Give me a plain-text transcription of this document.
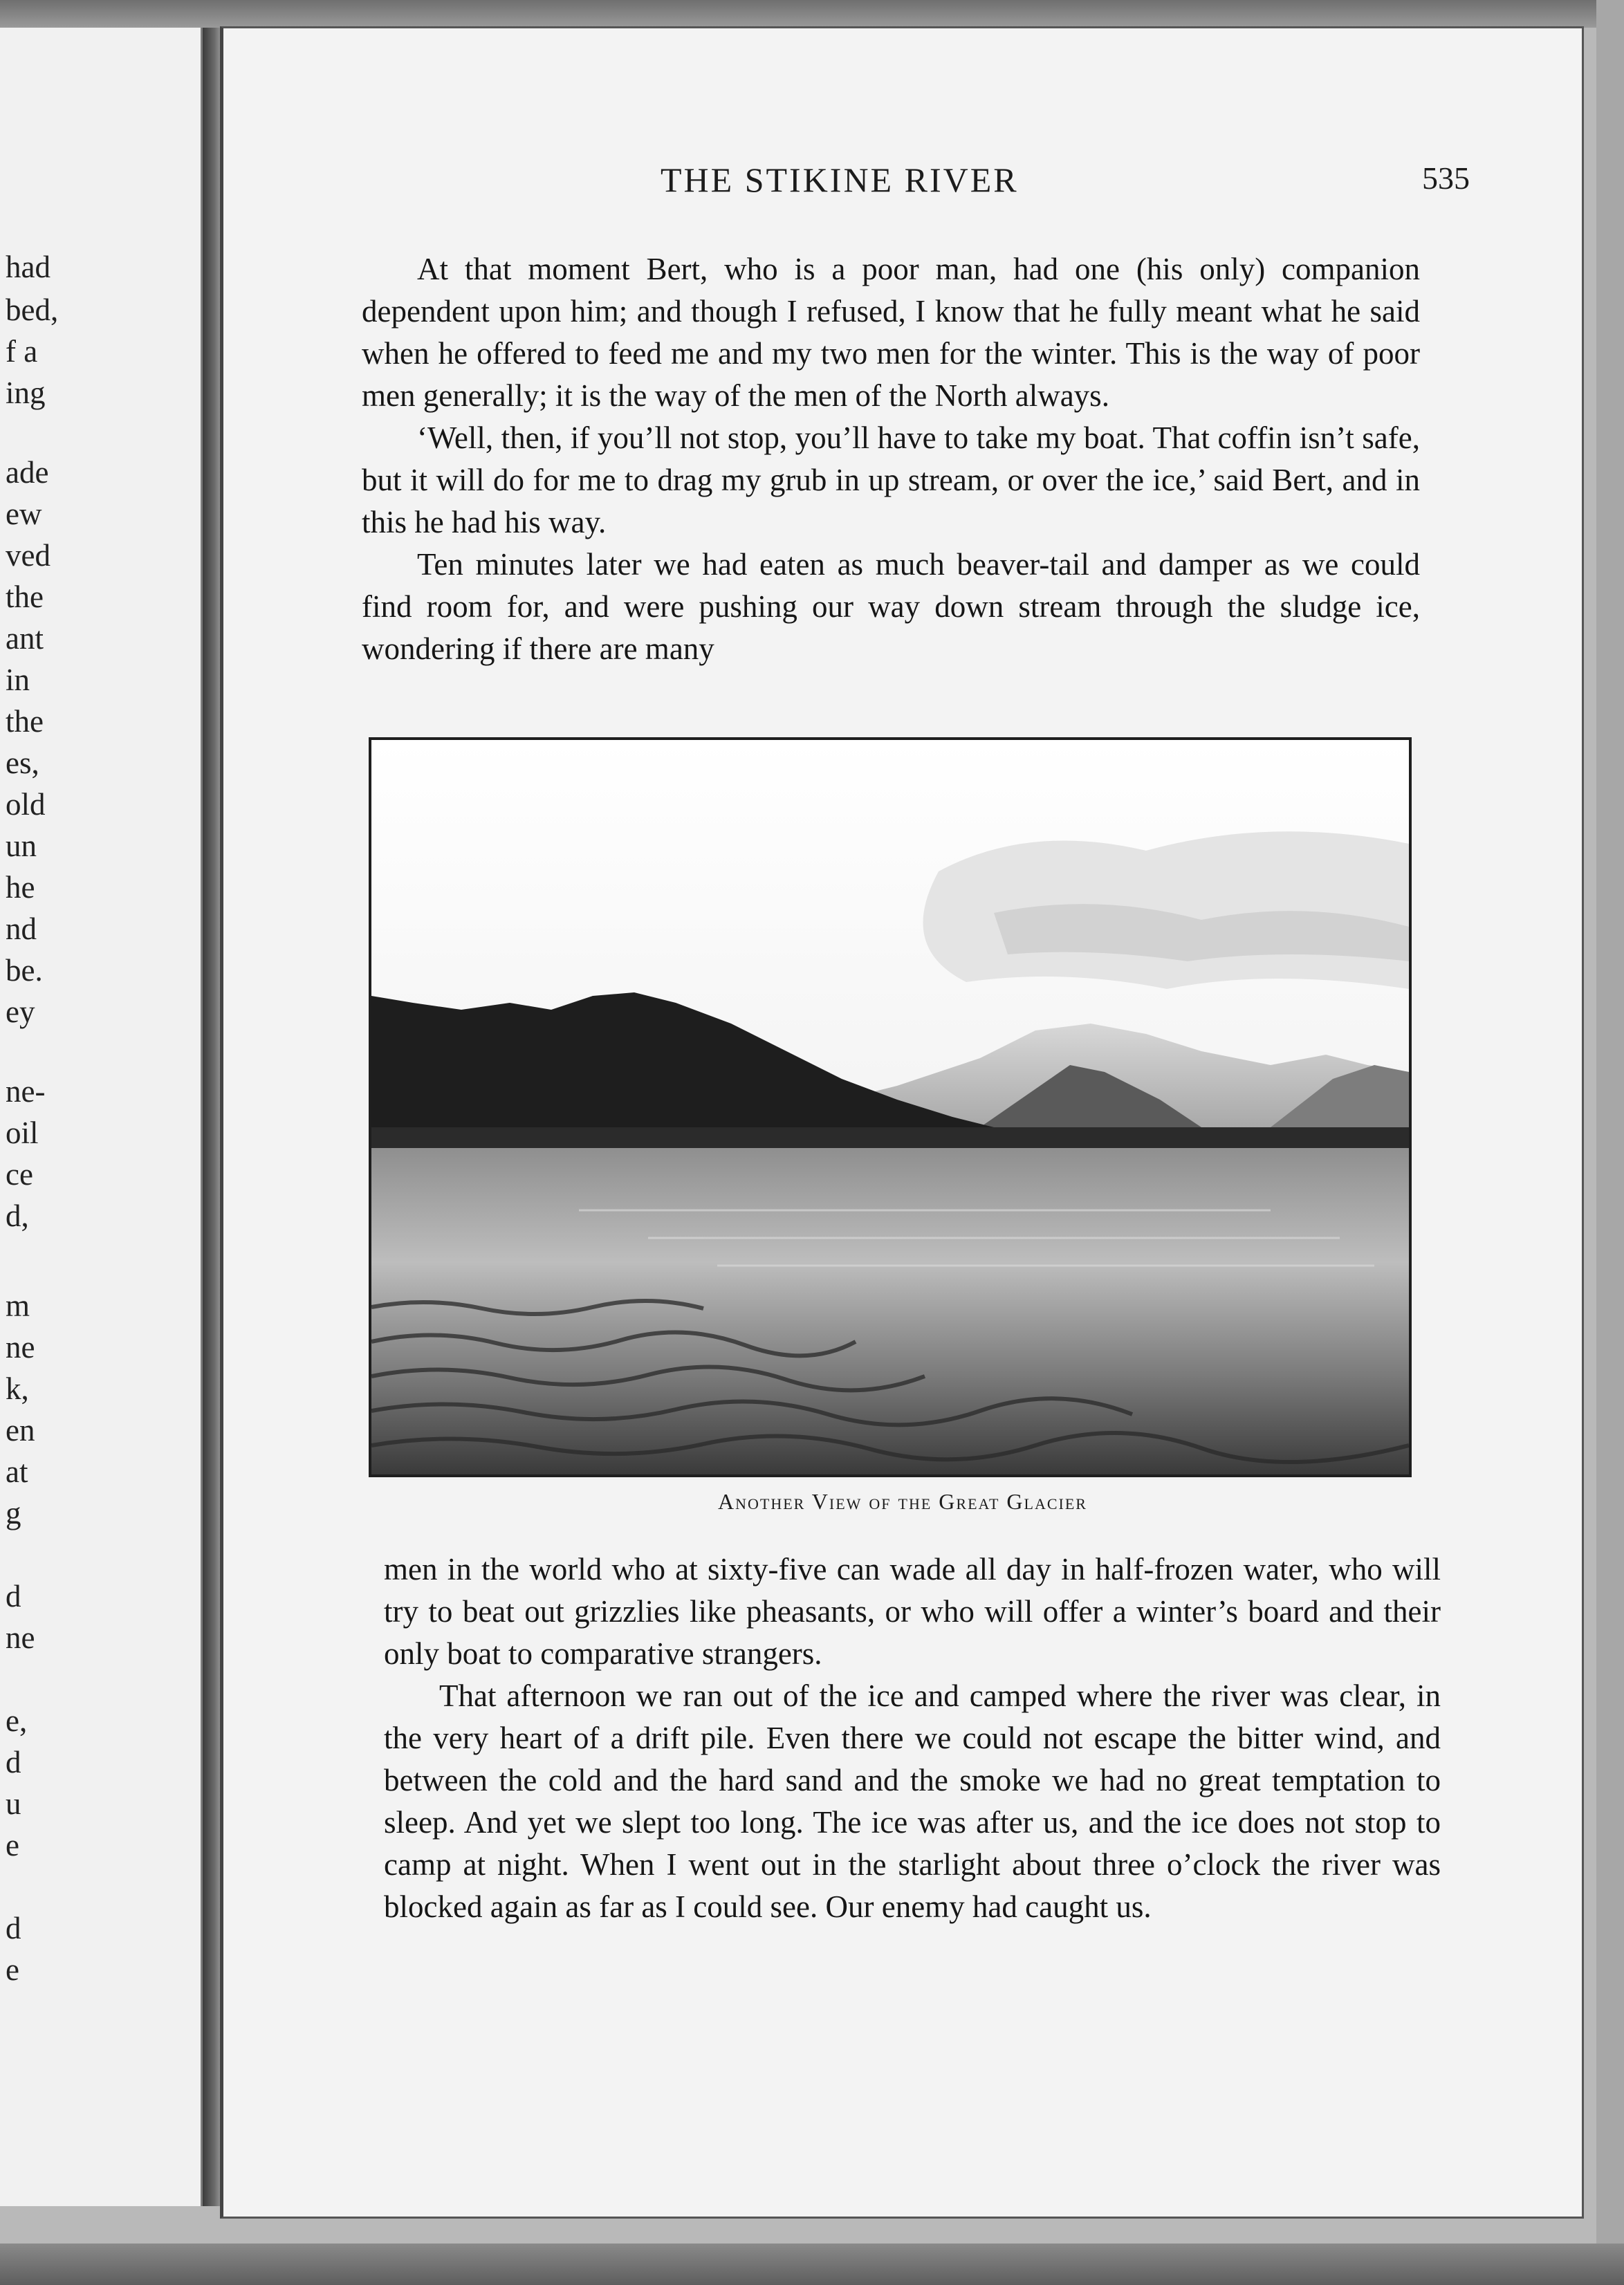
had
bed,
f a
ing
ade
ew
ved
the
ant
in
the
es,
old
un
he
nd
be.
ey
ne-
oil
ce
d,
m
ne
k,
en
at
g
d
ne
e,
d
u
e
d
e
THE STIKINE RIVER	535

At that moment Bert, who is a poor man, had one (his only) companion dependent upon him; and though I refused, I know that he fully meant what he said when he offered to feed me and my two men for the winter. This is the way of poor men generally; it is the way of the men of the North always.

‘Well, then, if you’ll not stop, you’ll have to take my boat. That coffin isn’t safe, but it will do for me to drag my grub in up stream, or over the ice,’ said Bert, and in this he had his way.

Ten minutes later we had eaten as much beaver-tail and damper as we could find room for, and were pushing our way down stream through the sludge ice, wondering if there are many

Another View of the Great Glacier

men in the world who at sixty-five can wade all day in half-frozen water, who will try to beat out grizzlies like pheasants, or who will offer a winter’s board and their only boat to comparative strangers.

That afternoon we ran out of the ice and camped where the river was clear, in the very heart of a drift pile. Even there we could not escape the bitter wind, and between the cold and the hard sand and the smoke we had no great temptation to sleep. And yet we slept too long. The ice was after us, and the ice does not stop to camp at night. When I went out in the starlight about three o’clock the river was blocked again as far as I could see. Our enemy had caught us.
